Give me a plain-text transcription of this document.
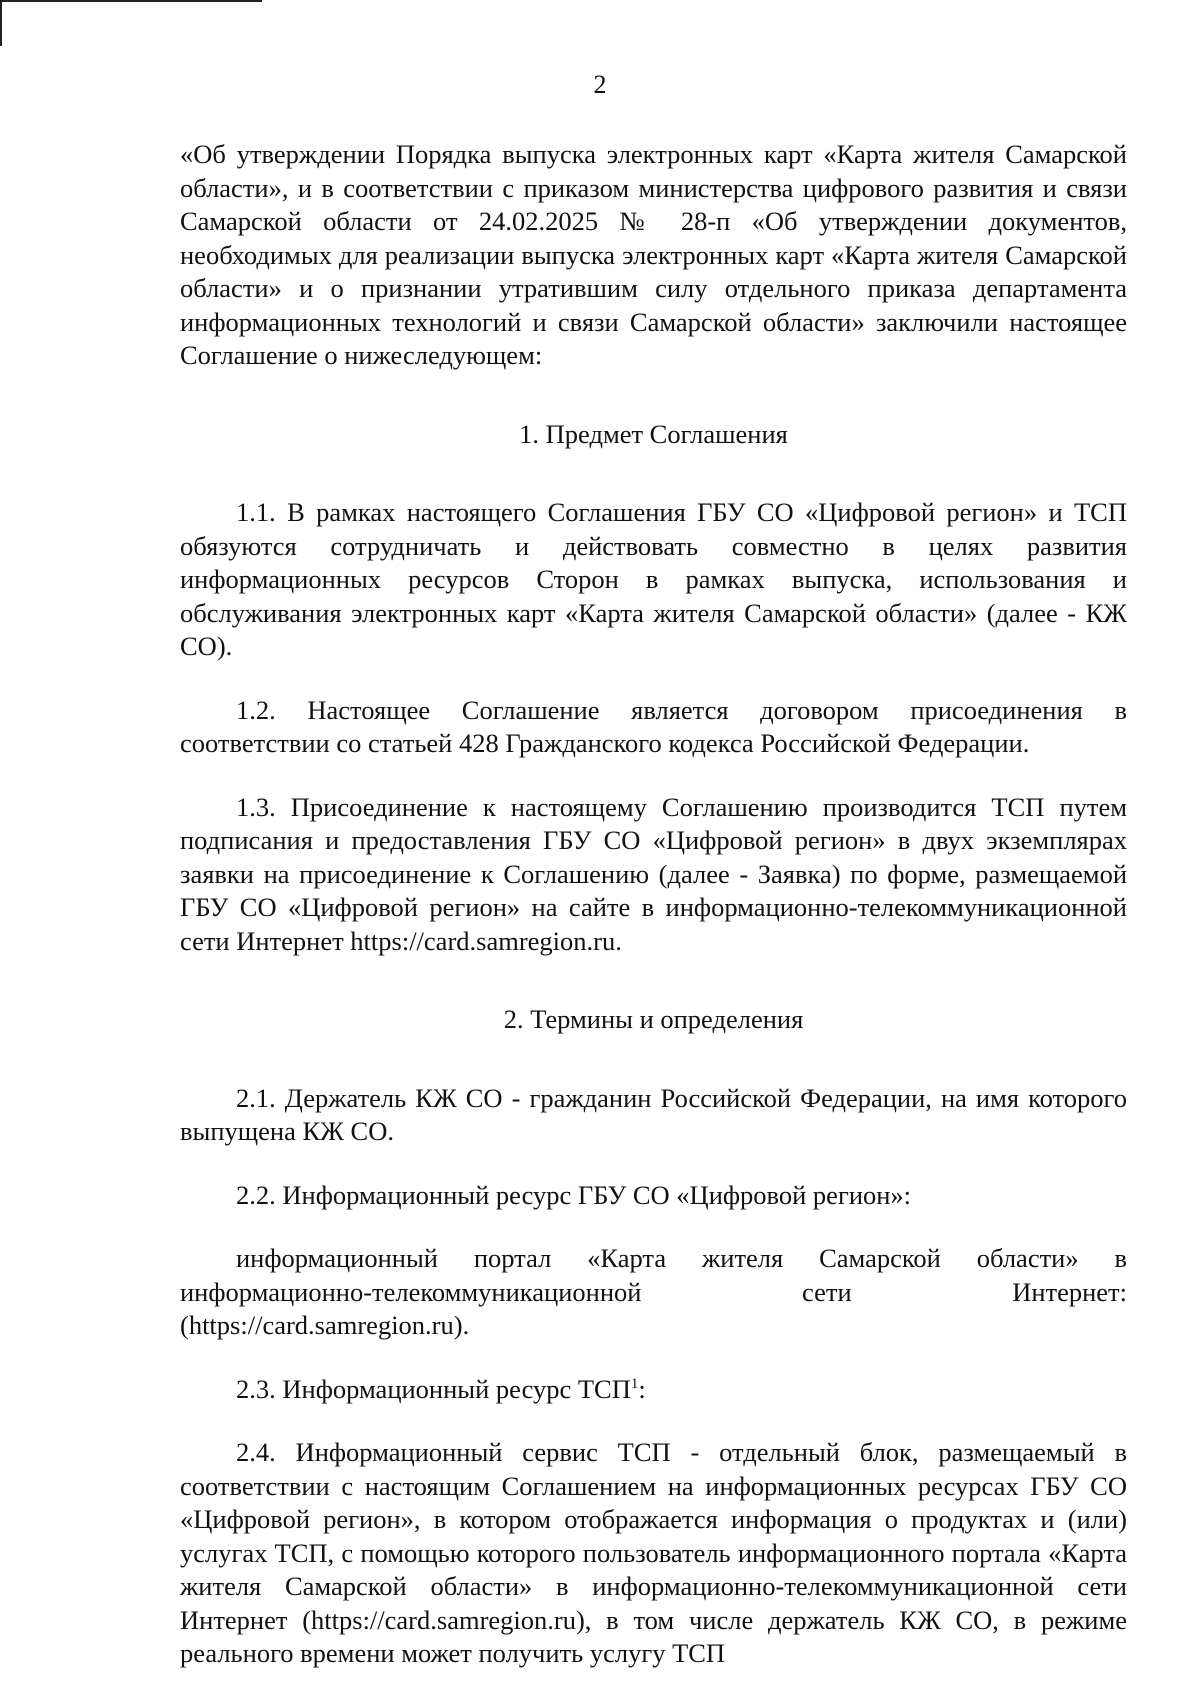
2

«Об утверждении Порядка выпуска электронных карт «Карта жителя Самарской области», и в соответствии с приказом министерства цифрового развития и связи Самарской области от 24.02.2025 № 28-п «Об утверждении документов, необходимых для реализации выпуска электронных карт «Карта жителя Самарской области» и о признании утратившим силу отдельного приказа департамента информационных технологий и связи Самарской области» заключили настоящее Соглашение о нижеследующем:

1. Предмет Соглашения

1.1. В рамках настоящего Соглашения ГБУ СО «Цифровой регион» и ТСП обязуются сотрудничать и действовать совместно в целях развития информационных ресурсов Сторон в рамках выпуска, использования и обслуживания электронных карт «Карта жителя Самарской области» (далее - КЖ СО).

1.2. Настоящее Соглашение является договором присоединения в соответствии со статьей 428 Гражданского кодекса Российской Федерации.

1.3. Присоединение к настоящему Соглашению производится ТСП путем подписания и предоставления ГБУ СО «Цифровой регион» в двух экземплярах заявки на присоединение к Соглашению (далее - Заявка) по форме, размещаемой ГБУ СО «Цифровой регион» на сайте в информационно-телекоммуникационной сети Интернет https://card.samregion.ru.

2. Термины и определения

2.1. Держатель КЖ СО - гражданин Российской Федерации, на имя которого выпущена КЖ СО.

2.2. Информационный ресурс ГБУ СО «Цифровой регион»:

информационный портал «Карта жителя Самарской области» в

информационно-телекоммуникационной сети Интернет:

(https://card.samregion.ru).

2.3. Информационный ресурс ТСП$^1$:

2.4. Информационный сервис ТСП - отдельный блок, размещаемый в соответствии с настоящим Соглашением на информационных ресурсах ГБУ СО «Цифровой регион», в котором отображается информация о продуктах и (или) услугах ТСП, с помощью которого пользователь информационного портала «Карта жителя Самарской области» в информационно-телекоммуникационной сети Интернет (https://card.samregion.ru), в том числе держатель КЖ СО, в режиме реального времени может получить услугу ТСП
